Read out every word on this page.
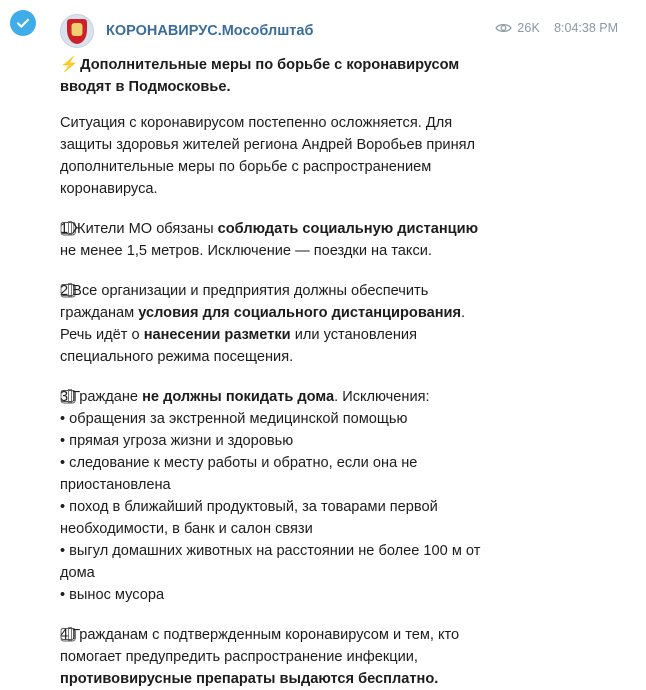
КОРОНАВИРУС.Мособлштаб	26K 8:04:38 PM
⚡ Дополнительные меры по борьбе с коронавирусом вводят в Подмосковье.

Ситуация с коронавирусом постепенно осложняется. Для защиты здоровья жителей региона Андрей Воробьев принял дополнительные меры по борьбе с распространением коронавируса.

1 Жители МО обязаны соблюдать социальную дистанцию не менее 1,5 метров. Исключение — поездки на такси.

2 Все организации и предприятия должны обеспечить гражданам условия для социального дистанцирования. Речь идёт о нанесении разметки или установления специального режима посещения.

3 Граждане не должны покидать дома. Исключения:

• обращения за экстренной медицинской помощью
• прямая угроза жизни и здоровью
• следование к месту работы и обратно, если она не приостановлена
• поход в ближайший продуктовый, за товарами первой необходимости, в банк и салон связи
• выгул домашних животных на расстоянии не более 100 м от дома
• вынос мусора

4 Гражданам с подтвержденным коронавирусом и тем, кто помогает предупредить распространение инфекции, противовирусные препараты выдаются бесплатно.
